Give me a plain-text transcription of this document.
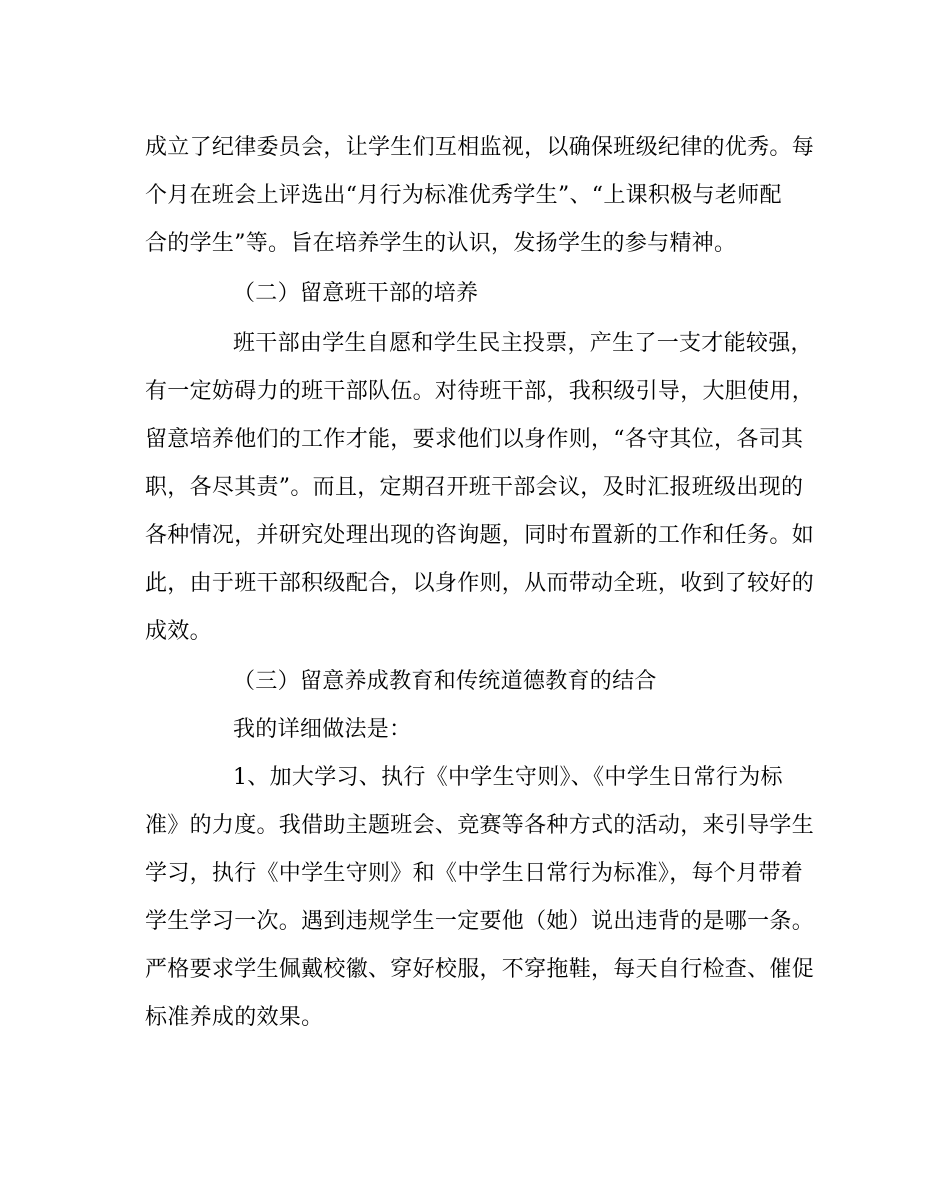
成立了纪律委员会，让学生们互相监视，以确保班级纪律的优秀。每
个月在班会上评选出“月行为标准优秀学生”、“上课积极与老师配
合的学生”等。旨在培养学生的认识，发扬学生的参与精神。
（二）留意班干部的培养
班干部由学生自愿和学生民主投票，产生了一支才能较强，
有一定妨碍力的班干部队伍。对待班干部，我积级引导，大胆使用，
留意培养他们的工作才能，要求他们以身作则，“各守其位，各司其
职，各尽其责”。而且，定期召开班干部会议，及时汇报班级出现的
各种情况，并研究处理出现的咨询题，同时布置新的工作和任务。如
此，由于班干部积级配合，以身作则，从而带动全班，收到了较好的
成效。
（三）留意养成教育和传统道德教育的结合
我的详细做法是：
1、加大学习、执行《中学生守则》、《中学生日常行为标
准》的力度。我借助主题班会、竞赛等各种方式的活动，来引导学生
学习，执行《中学生守则》和《中学生日常行为标准》，每个月带着
学生学习一次。遇到违规学生一定要他（她）说出违背的是哪一条。
严格要求学生佩戴校徽、穿好校服，不穿拖鞋，每天自行检查、催促
标准养成的效果。
